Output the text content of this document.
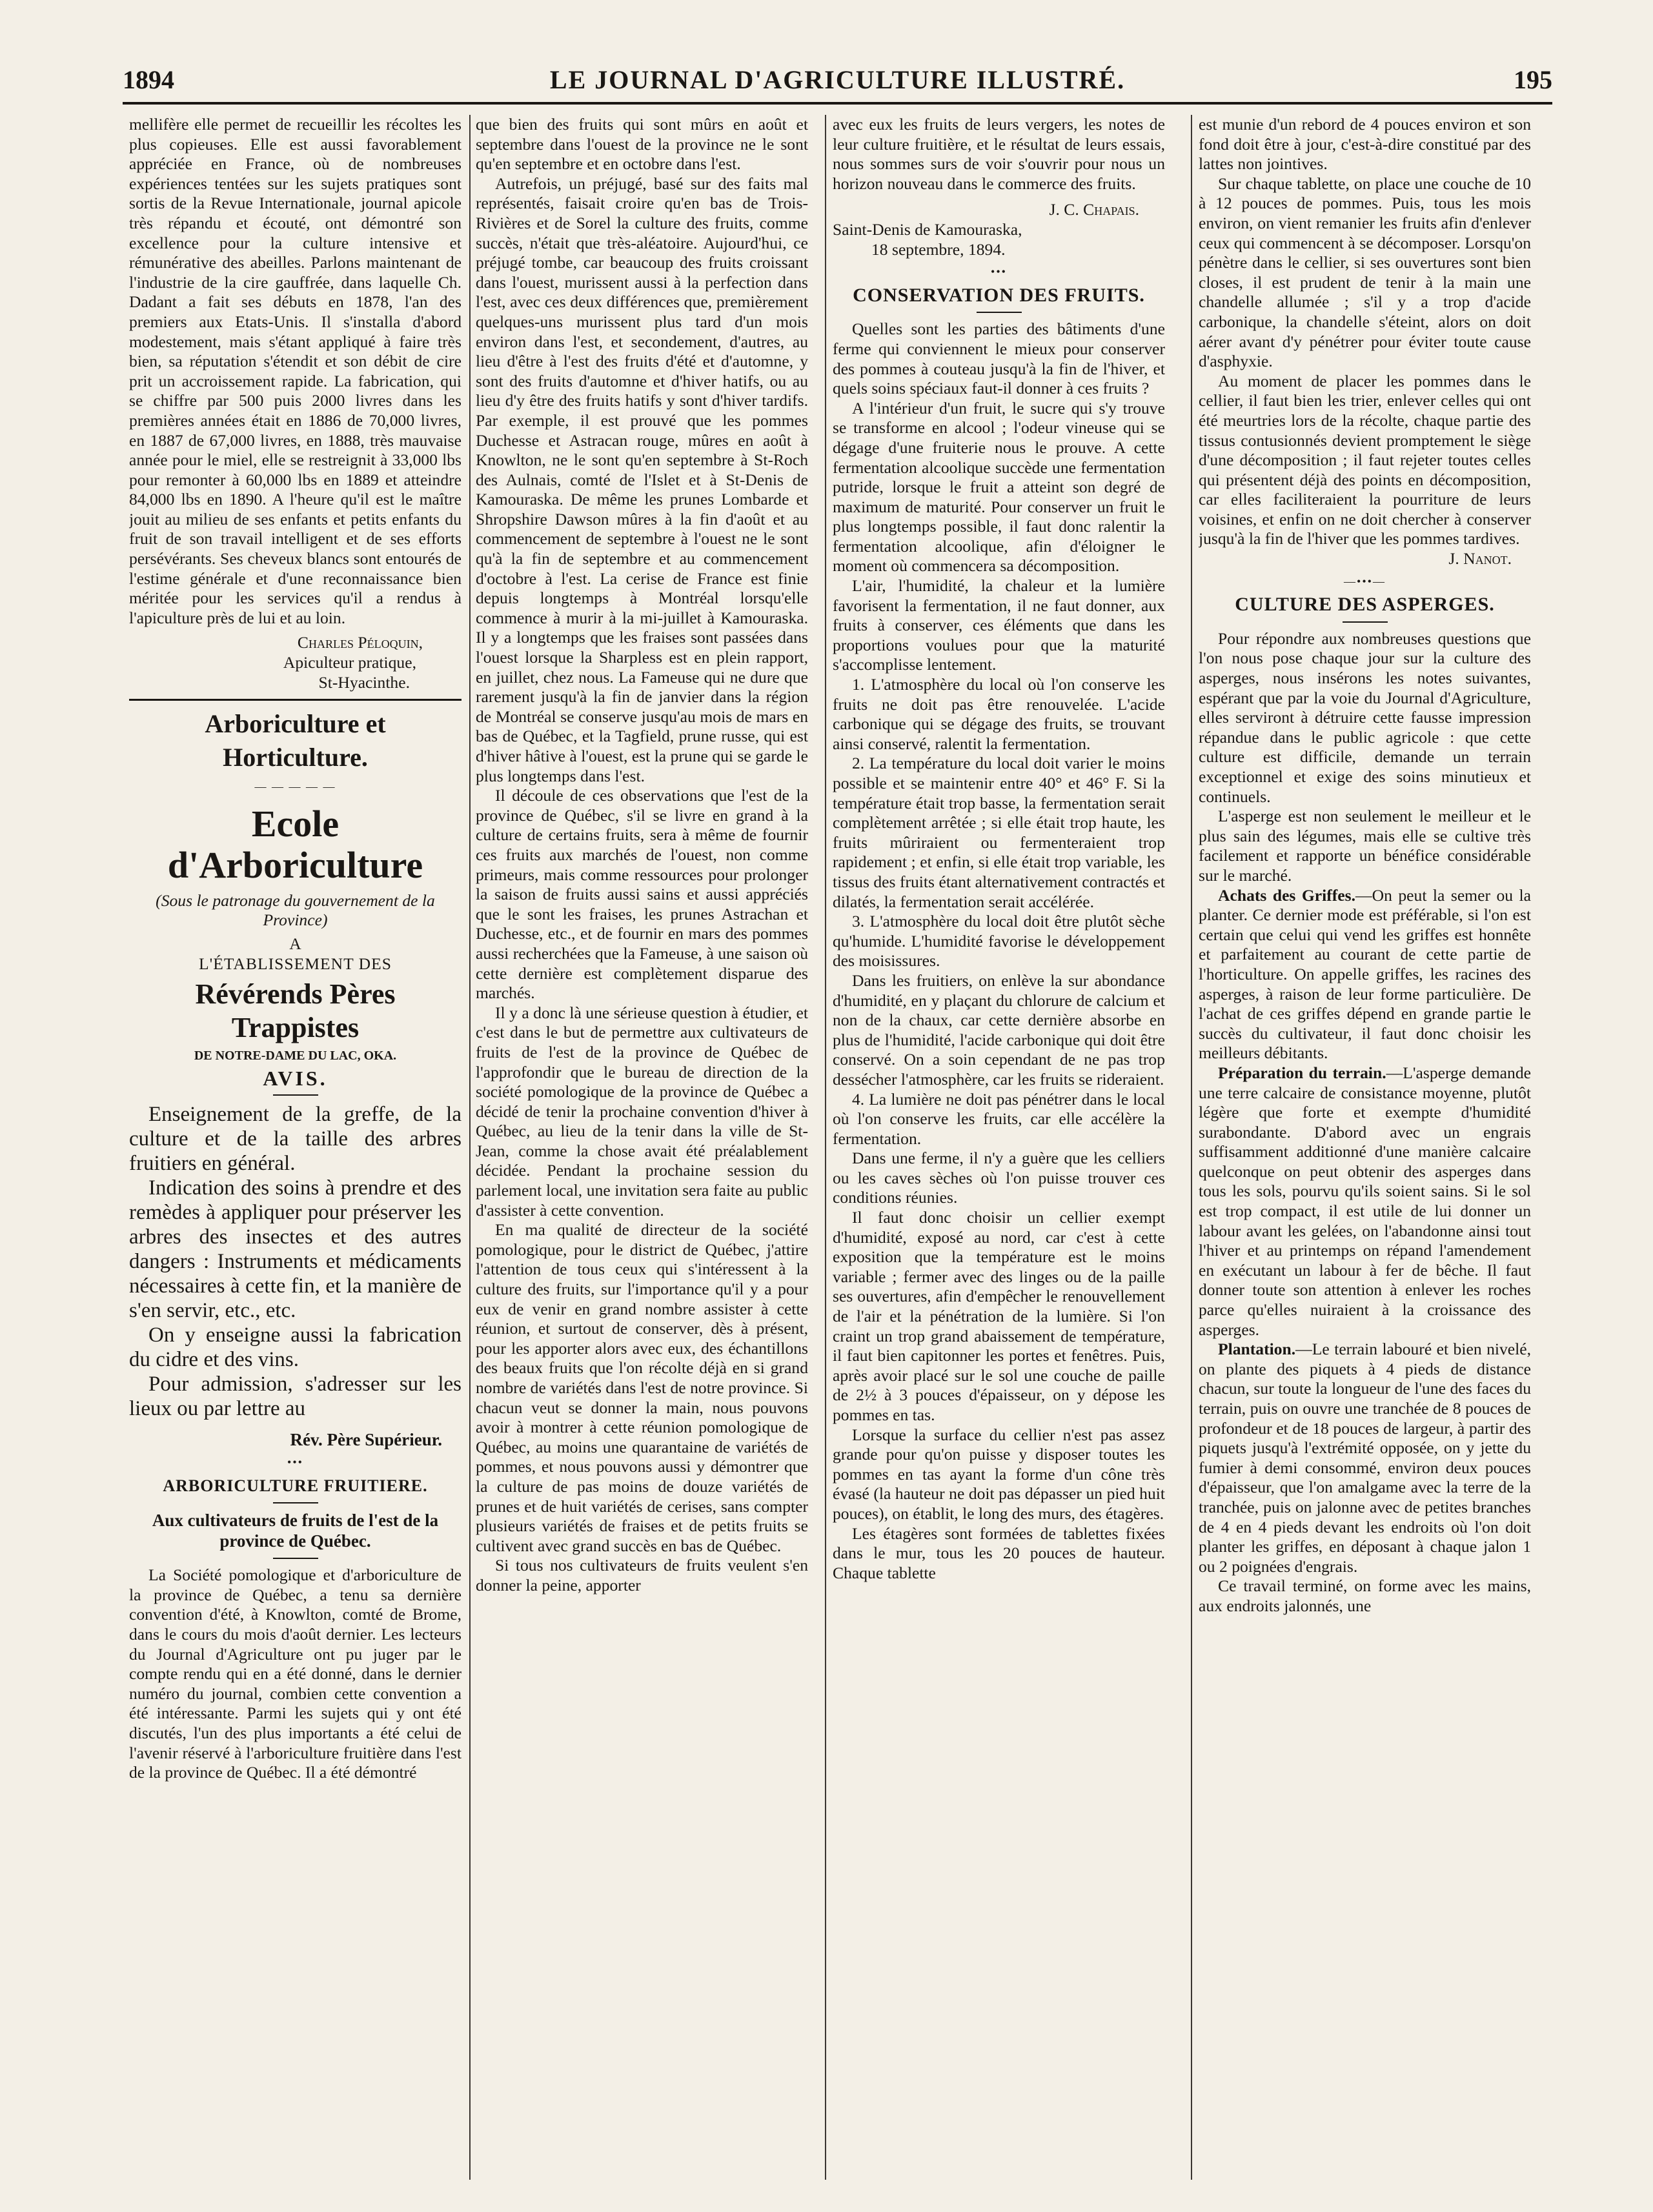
1894	LE JOURNAL D'AGRICULTURE ILLUSTRÉ.	195

mellifère elle permet de recueillir les récoltes les plus copieuses. Elle est aussi favorablement appréciée en France, où de nombreuses expériences tentées sur les sujets pratiques sont sortis de la Revue Internationale, journal apicole très répandu et écouté, ont démontré son excellence pour la culture intensive et rémunérative des abeilles. Parlons maintenant de l'industrie de la cire gauffrée, dans laquelle Ch. Dadant a fait ses débuts en 1878, l'an des premiers aux Etats-Unis. Il s'installa d'abord modestement, mais s'étant appliqué à faire très bien, sa réputation s'étendit et son débit de cire prit un accroissement rapide. La fabrication, qui se chiffre par 500 puis 2000 livres dans les premières années était en 1886 de 70,000 livres, en 1887 de 67,000 livres, en 1888, très mauvaise année pour le miel, elle se restreignit à 33,000 lbs pour remonter à 60,000 lbs en 1889 et atteindre 84,000 lbs en 1890. A l'heure qu'il est le maître jouit au milieu de ses enfants et petits enfants du fruit de son travail intelligent et de ses efforts persévérants. Ses cheveux blancs sont entourés de l'estime générale et d'une reconnaissance bien méritée pour les services qu'il a rendus à l'apiculture près de lui et au loin.

Charles Péloquin,

Apiculteur pratique,

St-Hyacinthe.

Arboriculture et Horticulture.
— — — — —
Ecole d'Arboriculture

(Sous le patronage du gouvernement de la Province)

A

L'ÉTABLISSEMENT DES

Révérends Pères Trappistes

DE NOTRE-DAME DU LAC, OKA.

AVIS.

Enseignement de la greffe, de la culture et de la taille des arbres fruitiers en général.

Indication des soins à prendre et des remèdes à appliquer pour préserver les arbres des insectes et des autres dangers : Instruments et médicaments nécessaires à cette fin, et la manière de s'en servir, etc., etc.

On y enseigne aussi la fabrication du cidre et des vins.

Pour admission, s'adresser sur les lieux ou par lettre au

Rév. Père Supérieur.

•••
ARBORICULTURE FRUITIERE.

Aux cultivateurs de fruits de l'est de la province de Québec.

La Société pomologique et d'arboriculture de la province de Québec, a tenu sa dernière convention d'été, à Knowlton, comté de Brome, dans le cours du mois d'août dernier. Les lecteurs du Journal d'Agriculture ont pu juger par le compte rendu qui en a été donné, dans le dernier numéro du journal, combien cette convention a été intéressante. Parmi les sujets qui y ont été discutés, l'un des plus importants a été celui de l'avenir réservé à l'arboriculture fruitière dans l'est de la province de Québec. Il a été démontré

que bien des fruits qui sont mûrs en août et septembre dans l'ouest de la province ne le sont qu'en septembre et en octobre dans l'est.

Autrefois, un préjugé, basé sur des faits mal représentés, faisait croire qu'en bas de Trois-Rivières et de Sorel la culture des fruits, comme succès, n'était que très-aléatoire. Aujourd'hui, ce préjugé tombe, car beaucoup des fruits croissant dans l'ouest, murissent aussi à la perfection dans l'est, avec ces deux différences que, premièrement quelques-uns murissent plus tard d'un mois environ dans l'est, et secondement, d'autres, au lieu d'être à l'est des fruits d'été et d'automne, y sont des fruits d'automne et d'hiver hatifs, ou au lieu d'y être des fruits hatifs y sont d'hiver tardifs. Par exemple, il est prouvé que les pommes Duchesse et Astracan rouge, mûres en août à Knowlton, ne le sont qu'en septembre à St-Roch des Aulnais, comté de l'Islet et à St-Denis de Kamouraska. De même les prunes Lombarde et Shropshire Dawson mûres à la fin d'août et au commencement de septembre à l'ouest ne le sont qu'à la fin de septembre et au commencement d'octobre à l'est. La cerise de France est finie depuis longtemps à Montréal lorsqu'elle commence à murir à la mi-juillet à Kamouraska. Il y a longtemps que les fraises sont passées dans l'ouest lorsque la Sharpless est en plein rapport, en juillet, chez nous. La Fameuse qui ne dure que rarement jusqu'à la fin de janvier dans la région de Montréal se conserve jusqu'au mois de mars en bas de Québec, et la Tagfield, prune russe, qui est d'hiver hâtive à l'ouest, est la prune qui se garde le plus longtemps dans l'est.

Il découle de ces observations que l'est de la province de Québec, s'il se livre en grand à la culture de certains fruits, sera à même de fournir ces fruits aux marchés de l'ouest, non comme primeurs, mais comme ressources pour prolonger la saison de fruits aussi sains et aussi appréciés que le sont les fraises, les prunes Astrachan et Duchesse, etc., et de fournir en mars des pommes aussi recherchées que la Fameuse, à une saison où cette dernière est complètement disparue des marchés.

Il y a donc là une sérieuse question à étudier, et c'est dans le but de permettre aux cultivateurs de fruits de l'est de la province de Québec de l'approfondir que le bureau de direction de la société pomologique de la province de Québec a décidé de tenir la prochaine convention d'hiver à Québec, au lieu de la tenir dans la ville de St-Jean, comme la chose avait été préalablement décidée. Pendant la prochaine session du parlement local, une invitation sera faite au public d'assister à cette convention.

En ma qualité de directeur de la société pomologique, pour le district de Québec, j'attire l'attention de tous ceux qui s'intéressent à la culture des fruits, sur l'importance qu'il y a pour eux de venir en grand nombre assister à cette réunion, et surtout de conserver, dès à présent, pour les apporter alors avec eux, des échantillons des beaux fruits que l'on récolte déjà en si grand nombre de variétés dans l'est de notre province. Si chacun veut se donner la main, nous pouvons avoir à montrer à cette réunion pomologique de Québec, au moins une quarantaine de variétés de pommes, et nous pouvons aussi y démontrer que la culture de pas moins de douze variétés de prunes et de huit variétés de cerises, sans compter plusieurs variétés de fraises et de petits fruits se cultivent avec grand succès en bas de Québec.

Si tous nos cultivateurs de fruits veulent s'en donner la peine, apporter

avec eux les fruits de leurs vergers, les notes de leur culture fruitière, et le résultat de leurs essais, nous sommes surs de voir s'ouvrir pour nous un horizon nouveau dans le commerce des fruits.

J. C. Chapais.

Saint-Denis de Kamouraska,

18 septembre, 1894.

•••
CONSERVATION DES FRUITS.

Quelles sont les parties des bâtiments d'une ferme qui conviennent le mieux pour conserver des pommes à couteau jusqu'à la fin de l'hiver, et quels soins spéciaux faut-il donner à ces fruits ?

A l'intérieur d'un fruit, le sucre qui s'y trouve se transforme en alcool ; l'odeur vineuse qui se dégage d'une fruiterie nous le prouve. A cette fermentation alcoolique succède une fermentation putride, lorsque le fruit a atteint son degré de maximum de maturité. Pour conserver un fruit le plus longtemps possible, il faut donc ralentir la fermentation alcoolique, afin d'éloigner le moment où commencera sa décomposition.

L'air, l'humidité, la chaleur et la lumière favorisent la fermentation, il ne faut donner, aux fruits à conserver, ces éléments que dans les proportions voulues pour que la maturité s'accomplisse lentement.

1. L'atmosphère du local où l'on conserve les fruits ne doit pas être renouvelée. L'acide carbonique qui se dégage des fruits, se trouvant ainsi conservé, ralentit la fermentation.

2. La température du local doit varier le moins possible et se maintenir entre 40° et 46° F. Si la température était trop basse, la fermentation serait complètement arrêtée ; si elle était trop haute, les fruits mûriraient ou fermenteraient trop rapidement ; et enfin, si elle était trop variable, les tissus des fruits étant alternativement contractés et dilatés, la fermentation serait accélérée.

3. L'atmosphère du local doit être plutôt sèche qu'humide. L'humidité favorise le développement des moisissures.

Dans les fruitiers, on enlève la sur abondance d'humidité, en y plaçant du chlorure de calcium et non de la chaux, car cette dernière absorbe en plus de l'humidité, l'acide carbonique qui doit être conservé. On a soin cependant de ne pas trop dessécher l'atmosphère, car les fruits se rideraient.

4. La lumière ne doit pas pénétrer dans le local où l'on conserve les fruits, car elle accélère la fermentation.

Dans une ferme, il n'y a guère que les celliers ou les caves sèches où l'on puisse trouver ces conditions réunies.

Il faut donc choisir un cellier exempt d'humidité, exposé au nord, car c'est à cette exposition que la température est le moins variable ; fermer avec des linges ou de la paille ses ouvertures, afin d'empêcher le renouvellement de l'air et la pénétration de la lumière. Si l'on craint un trop grand abaissement de température, il faut bien capitonner les portes et fenêtres. Puis, après avoir placé sur le sol une couche de paille de 2½ à 3 pouces d'épaisseur, on y dépose les pommes en tas.

Lorsque la surface du cellier n'est pas assez grande pour qu'on puisse y disposer toutes les pommes en tas ayant la forme d'un cône très évasé (la hauteur ne doit pas dépasser un pied huit pouces), on établit, le long des murs, des étagères.

Les étagères sont formées de tablettes fixées dans le mur, tous les 20 pouces de hauteur. Chaque tablette

est munie d'un rebord de 4 pouces environ et son fond doit être à jour, c'est-à-dire constitué par des lattes non jointives.

Sur chaque tablette, on place une couche de 10 à 12 pouces de pommes. Puis, tous les mois environ, on vient remanier les fruits afin d'enlever ceux qui commencent à se décomposer. Lorsqu'on pénètre dans le cellier, si ses ouvertures sont bien closes, il est prudent de tenir à la main une chandelle allumée ; s'il y a trop d'acide carbonique, la chandelle s'éteint, alors on doit aérer avant d'y pénétrer pour éviter toute cause d'asphyxie.

Au moment de placer les pommes dans le cellier, il faut bien les trier, enlever celles qui ont été meurtries lors de la récolte, chaque partie des tissus contusionnés devient promptement le siège d'une décomposition ; il faut rejeter toutes celles qui présentent déjà des points en décomposition, car elles faciliteraient la pourriture de leurs voisines, et enfin on ne doit chercher à conserver jusqu'à la fin de l'hiver que les pommes tardives.

J. Nanot.

—•••—
CULTURE DES ASPERGES.

Pour répondre aux nombreuses questions que l'on nous pose chaque jour sur la culture des asperges, nous insérons les notes suivantes, espérant que par la voie du Journal d'Agriculture, elles serviront à détruire cette fausse impression répandue dans le public agricole : que cette culture est difficile, demande un terrain exceptionnel et exige des soins minutieux et continuels.

L'asperge est non seulement le meilleur et le plus sain des légumes, mais elle se cultive très facilement et rapporte un bénéfice considérable sur le marché.

Achats des Griffes.—On peut la semer ou la planter. Ce dernier mode est préférable, si l'on est certain que celui qui vend les griffes est honnête et parfaitement au courant de cette partie de l'horticulture. On appelle griffes, les racines des asperges, à raison de leur forme particulière. De l'achat de ces griffes dépend en grande partie le succès du cultivateur, il faut donc choisir les meilleurs débitants.

Préparation du terrain.—L'asperge demande une terre calcaire de consistance moyenne, plutôt légère que forte et exempte d'humidité surabondante. D'abord avec un engrais suffisamment additionné d'une manière calcaire quelconque on peut obtenir des asperges dans tous les sols, pourvu qu'ils soient sains. Si le sol est trop compact, il est utile de lui donner un labour avant les gelées, on l'abandonne ainsi tout l'hiver et au printemps on répand l'amendement en exécutant un labour à fer de bêche. Il faut donner toute son attention à enlever les roches parce qu'elles nuiraient à la croissance des asperges.

Plantation.—Le terrain labouré et bien nivelé, on plante des piquets à 4 pieds de distance chacun, sur toute la longueur de l'une des faces du terrain, puis on ouvre une tranchée de 8 pouces de profondeur et de 18 pouces de largeur, à partir des piquets jusqu'à l'extrémité opposée, on y jette du fumier à demi consommé, environ deux pouces d'épaisseur, que l'on amalgame avec la terre de la tranchée, puis on jalonne avec de petites branches de 4 en 4 pieds devant les endroits où l'on doit planter les griffes, en déposant à chaque jalon 1 ou 2 poignées d'engrais.

Ce travail terminé, on forme avec les mains, aux endroits jalonnés, une
